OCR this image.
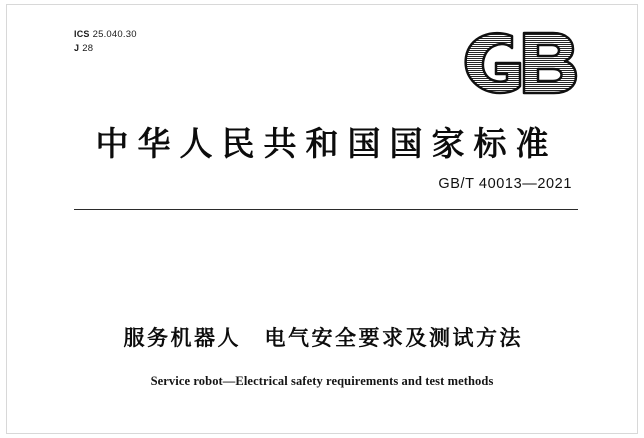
ICS 25.040.30
J 28
中华人民共和国国家标准
GB/T 40013—2021
服务机器人　电气安全要求及测试方法
Service robot—Electrical safety requirements and test methods
